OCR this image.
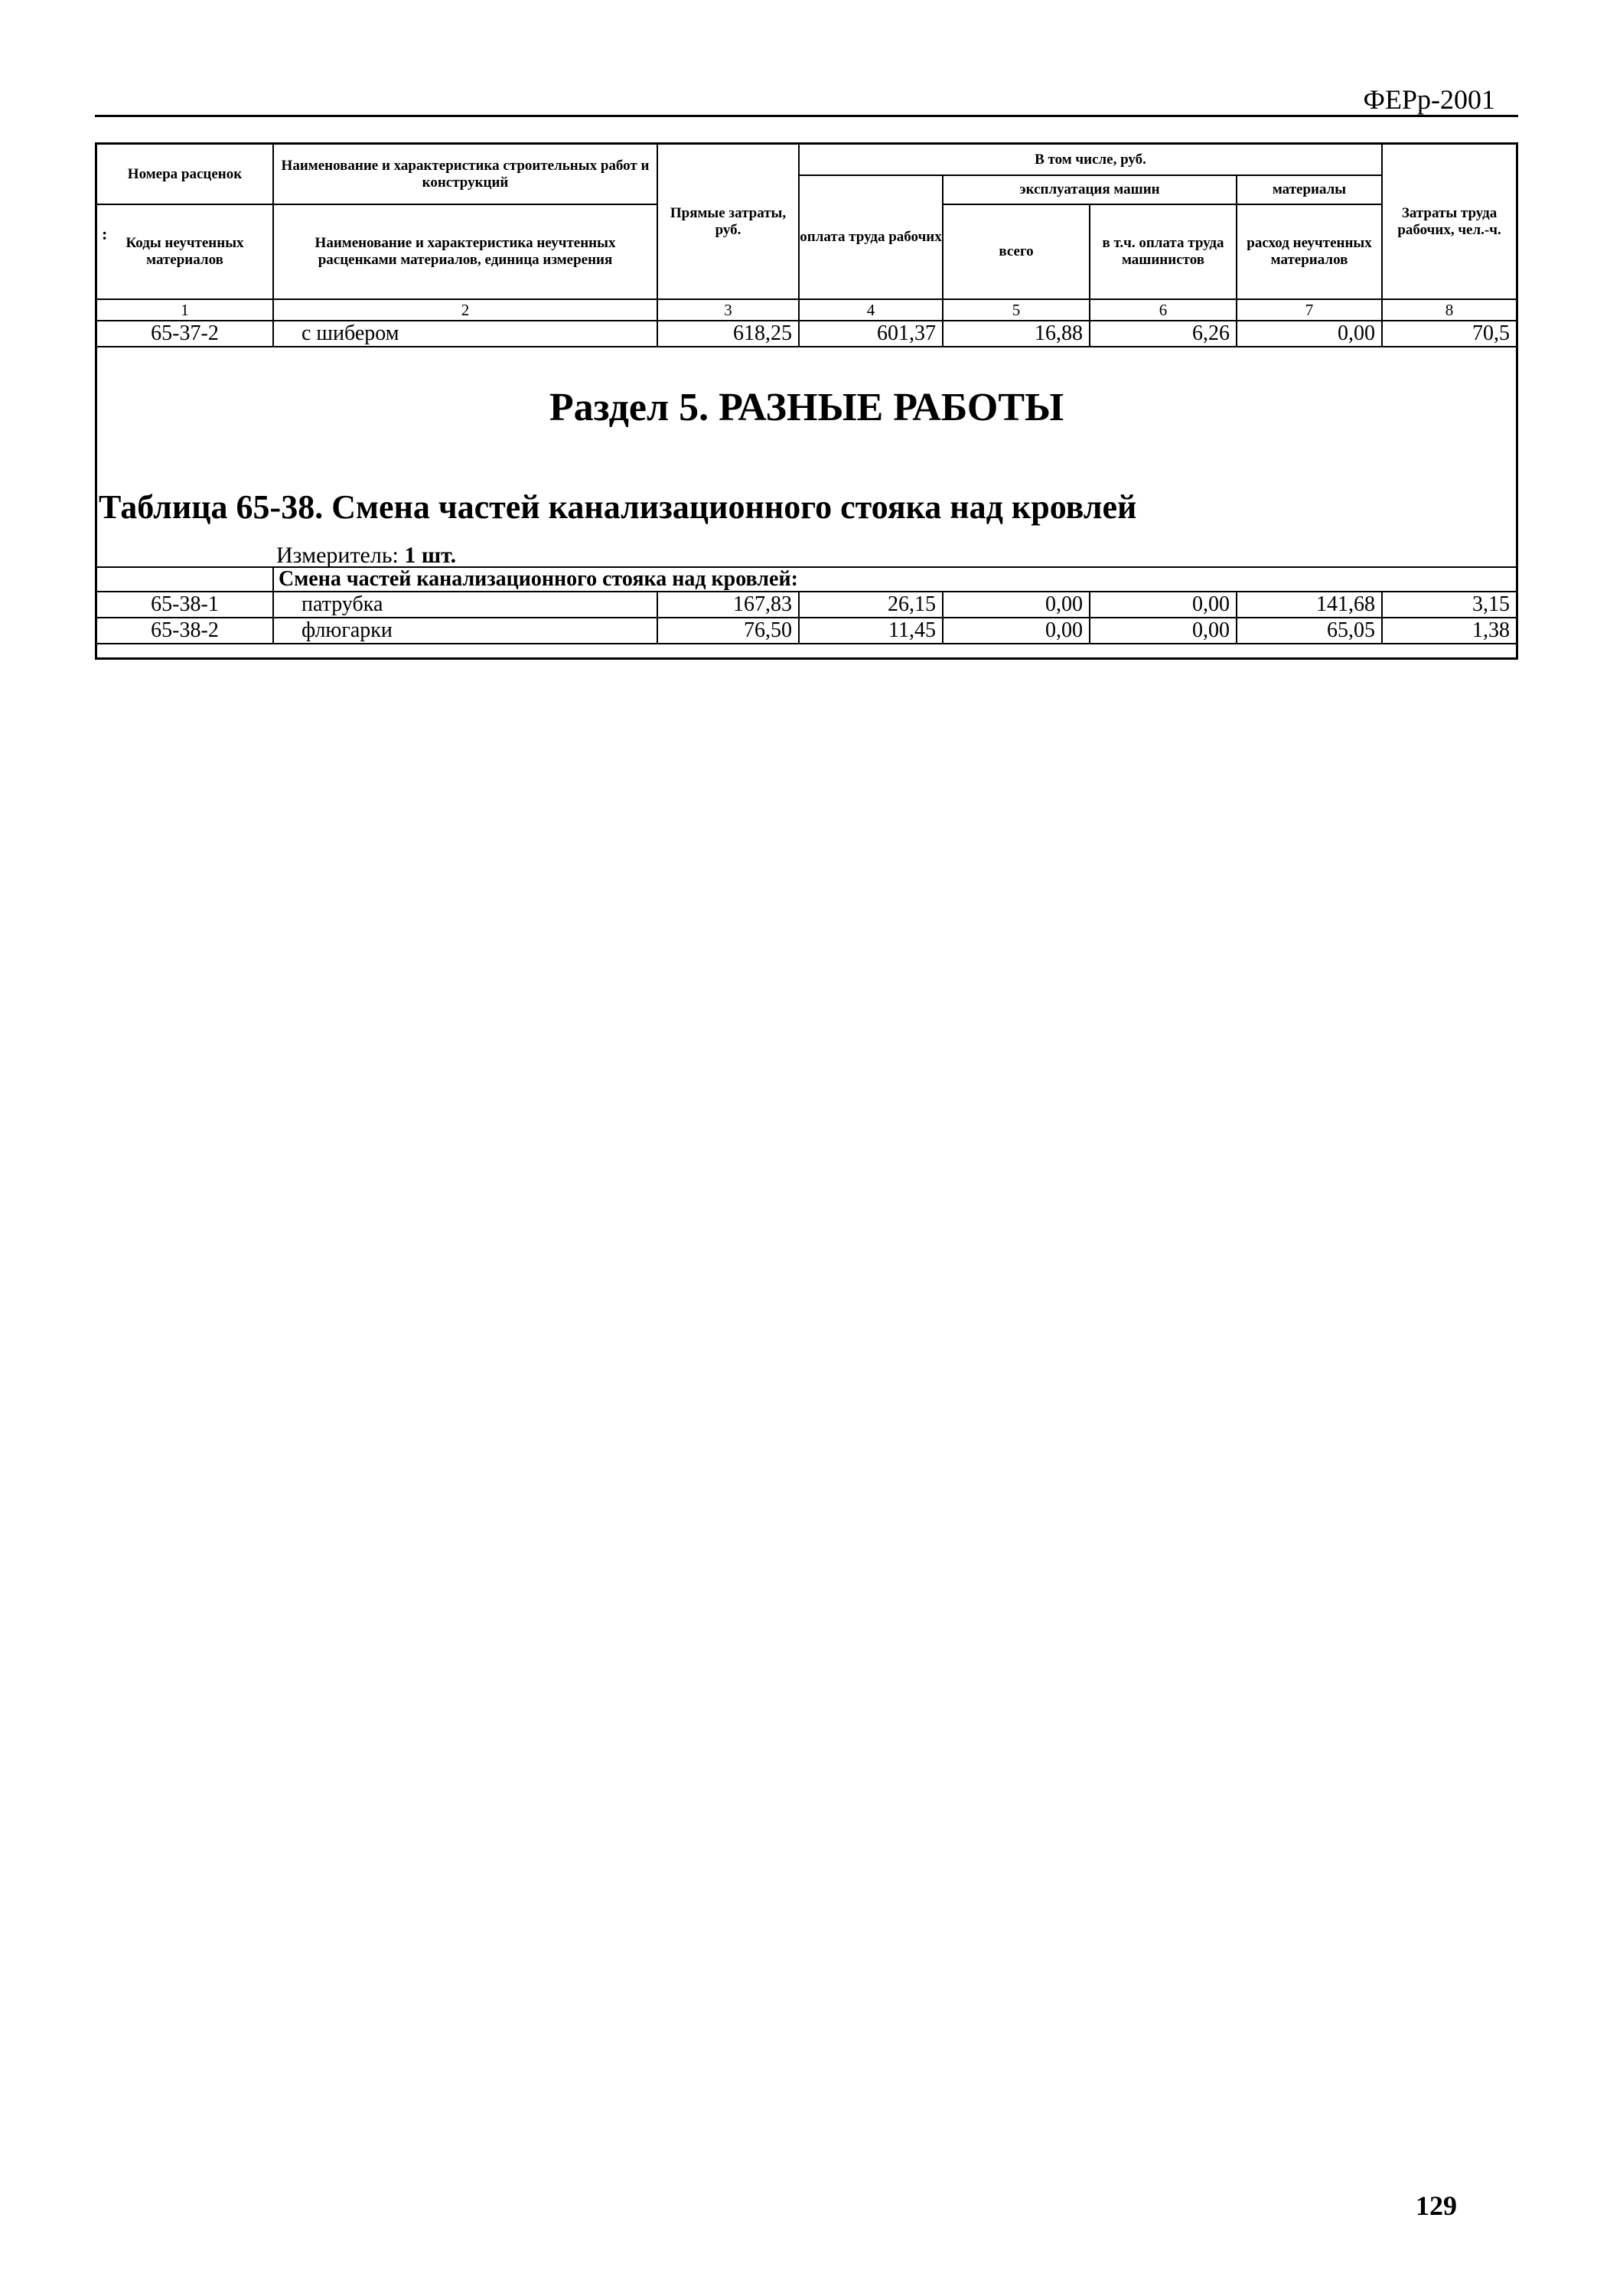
ФЕРр-2001
Номера расценок	Наименование и характеристика строительных работ и конструкций	Прямые затраты, руб.	В том числе, руб.				Затраты труда рабочих, чел.-ч.
			оплата труда рабочих	эксплуатация машин		материалы	
Коды неучтенных материалов	Наименование и характеристика неучтенных расценками материалов, единица измерения			всего	в т.ч. оплата труда машинистов	расход неучтенных материалов	

1	2	3	4	5	6	7	8
65-37-2	с шибером	618,25	601,37	16,88	6,26	0,00	70,5
:
Раздел 5. РАЗНЫЕ РАБОТЫ
Таблица 65-38. Смена частей канализационного стояка над кровлей
Измеритель: 1 шт.
	Смена частей канализационного стояка над кровлей:						
65-38-1	патрубка	167,83	26,15	0,00	0,00	141,68	3,15
65-38-2	флюгарки	76,50	11,45	0,00	0,00	65,05	1,38
129
